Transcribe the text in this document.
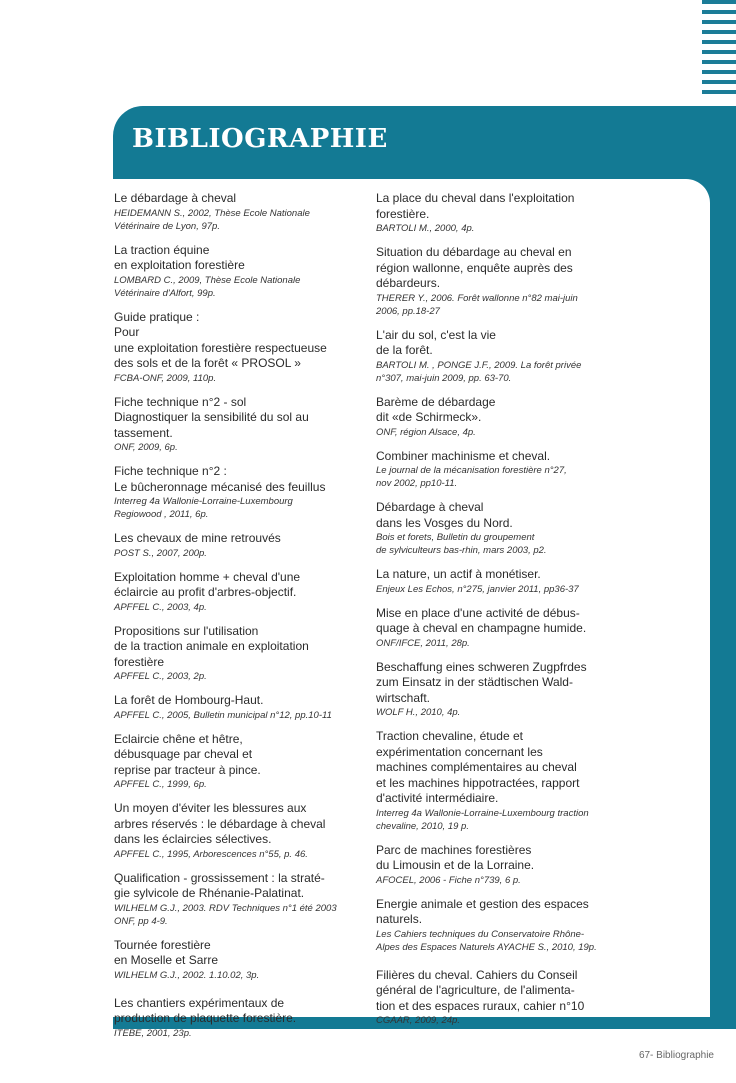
BIBLIOGRAPHIE
Le débardage à cheval
HEIDEMANN S., 2002, Thèse Ecole Nationale
Vétérinaire de Lyon, 97p.
La traction équine
en exploitation forestière
LOMBARD C., 2009, Thèse Ecole Nationale
Vétérinaire d'Alfort, 99p.
Guide pratique :
Pour
une exploitation forestière respectueuse
des sols et de la forêt « PROSOL »
FCBA-ONF, 2009, 110p.
Fiche technique n°2 - sol
Diagnostiquer la sensibilité du sol au
tassement.
ONF, 2009, 6p.
Fiche technique n°2 :
Le bûcheronnage mécanisé des feuillus
Interreg 4a Wallonie-Lorraine-Luxembourg
Regiowood , 2011, 6p.
Les chevaux de mine retrouvés
POST S., 2007, 200p.
Exploitation homme + cheval d'une
éclaircie au profit d'arbres-objectif.
APFFEL C., 2003, 4p.
Propositions sur l'utilisation
de la traction animale en exploitation
forestière
APFFEL C., 2003, 2p.
La forêt de Hombourg-Haut.
APFFEL C., 2005, Bulletin municipal n°12, pp.10-11
Eclaircie chêne et hêtre,
débusquage par cheval et
reprise par tracteur à pince.
APFFEL C., 1999, 6p.
Un moyen d'éviter les blessures aux
arbres réservés : le débardage à cheval
dans les éclaircies sélectives.
APFFEL C., 1995, Arborescences n°55, p. 46.
Qualification - grossissement : la straté-
gie sylvicole de Rhénanie-Palatinat.
WILHELM G.J., 2003. RDV Techniques n°1 été 2003
ONF, pp 4-9.
Tournée forestière
en Moselle et Sarre
WILHELM G.J., 2002. 1.10.02, 3p.
Les chantiers expérimentaux de
production de plaquette forestière.
ITEBE, 2001, 23p.
La place du cheval dans l'exploitation
forestière.
BARTOLI M., 2000, 4p.
Situation du débardage au cheval en
région wallonne, enquête auprès des
débardeurs.
THERER Y., 2006. Forêt wallonne n°82 mai-juin
2006, pp.18-27
L'air du sol, c'est la vie
de la forêt.
BARTOLI M. , PONGE J.F., 2009. La forêt privée
n°307, mai-juin 2009, pp. 63-70.
Barème de débardage
dit «de Schirmeck».
ONF, région Alsace, 4p.
Combiner machinisme et cheval.
Le journal de la mécanisation forestière n°27,
nov 2002, pp10-11.
Débardage à cheval
dans les Vosges du Nord.
Bois et forets, Bulletin du groupement
de sylviculteurs bas-rhin, mars 2003, p2.
La nature, un actif à monétiser.
Enjeux Les Echos, n°275, janvier 2011, pp36-37
Mise en place d'une activité de débus-
quage à cheval en champagne humide.
ONF/IFCE, 2011, 28p.
Beschaffung eines schweren Zugpfrdes
zum Einsatz in der städtischen Wald-
wirtschaft.
WOLF H., 2010, 4p.
Traction chevaline, étude et
expérimentation concernant les
machines complémentaires au cheval
et les machines hippotractées, rapport
d'activité intermédiaire.
Interreg 4a Wallonie-Lorraine-Luxembourg traction
chevaline, 2010, 19 p.
Parc de machines forestières
du Limousin et de la Lorraine.
AFOCEL, 2006 - Fiche n°739, 6 p.
Energie animale et gestion des espaces
naturels.
Les Cahiers techniques du Conservatoire Rhône-
Alpes des Espaces Naturels AYACHE S., 2010, 19p.
Filières du cheval. Cahiers du Conseil
général de l'agriculture, de l'alimenta-
tion et des espaces ruraux, cahier n°10
CGAAR, 2009, 24p.
67- Bibliographie
